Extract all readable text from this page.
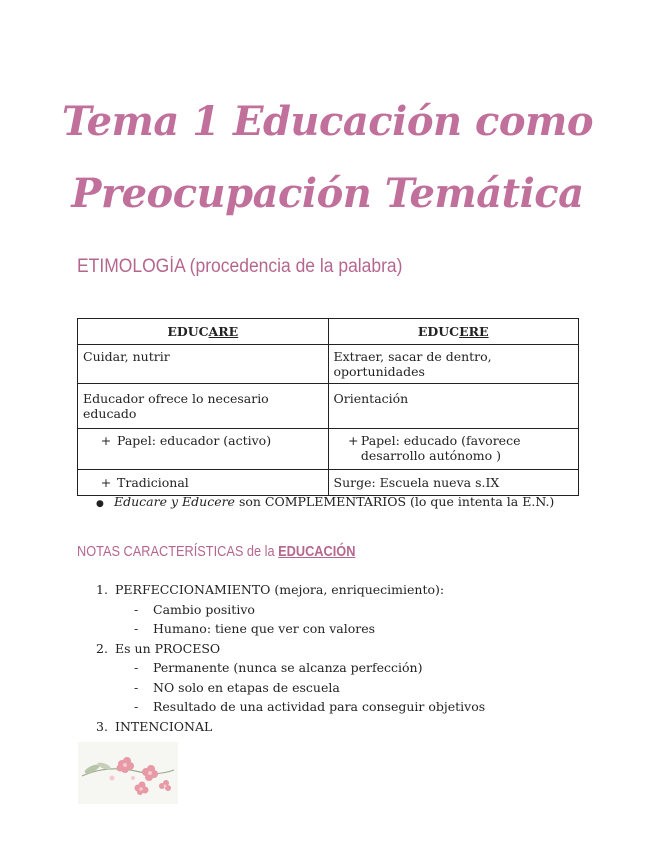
Tema 1 Educación como
Preocupación Temática
ETIMOLOGÍA (procedencia de la palabra)
EDUCARE	EDUCERE
Cuidar, nutrir	Extraer, sacar de dentro, oportunidades
Educador ofrece lo necesario educado	Orientación

+ Papel: educador (activo)	+ Papel: educado (favorece desarrollo autónomo )

+ Tradicional	Surge: Escuela nueva s.IX
● Educare y Educere son COMPLEMENTARIOS (lo que intenta la E.N.)
NOTAS CARACTERÍSTICAS de la EDUCACIÓN
1. PERFECCIONAMIENTO (mejora, enriquecimiento):
- Cambio positivo
- Humano: tiene que ver con valores
2. Es un PROCESO
- Permanente (nunca se alcanza perfección)
- NO solo en etapas de escuela
- Resultado de una actividad para conseguir objetivos
3. INTENCIONAL
